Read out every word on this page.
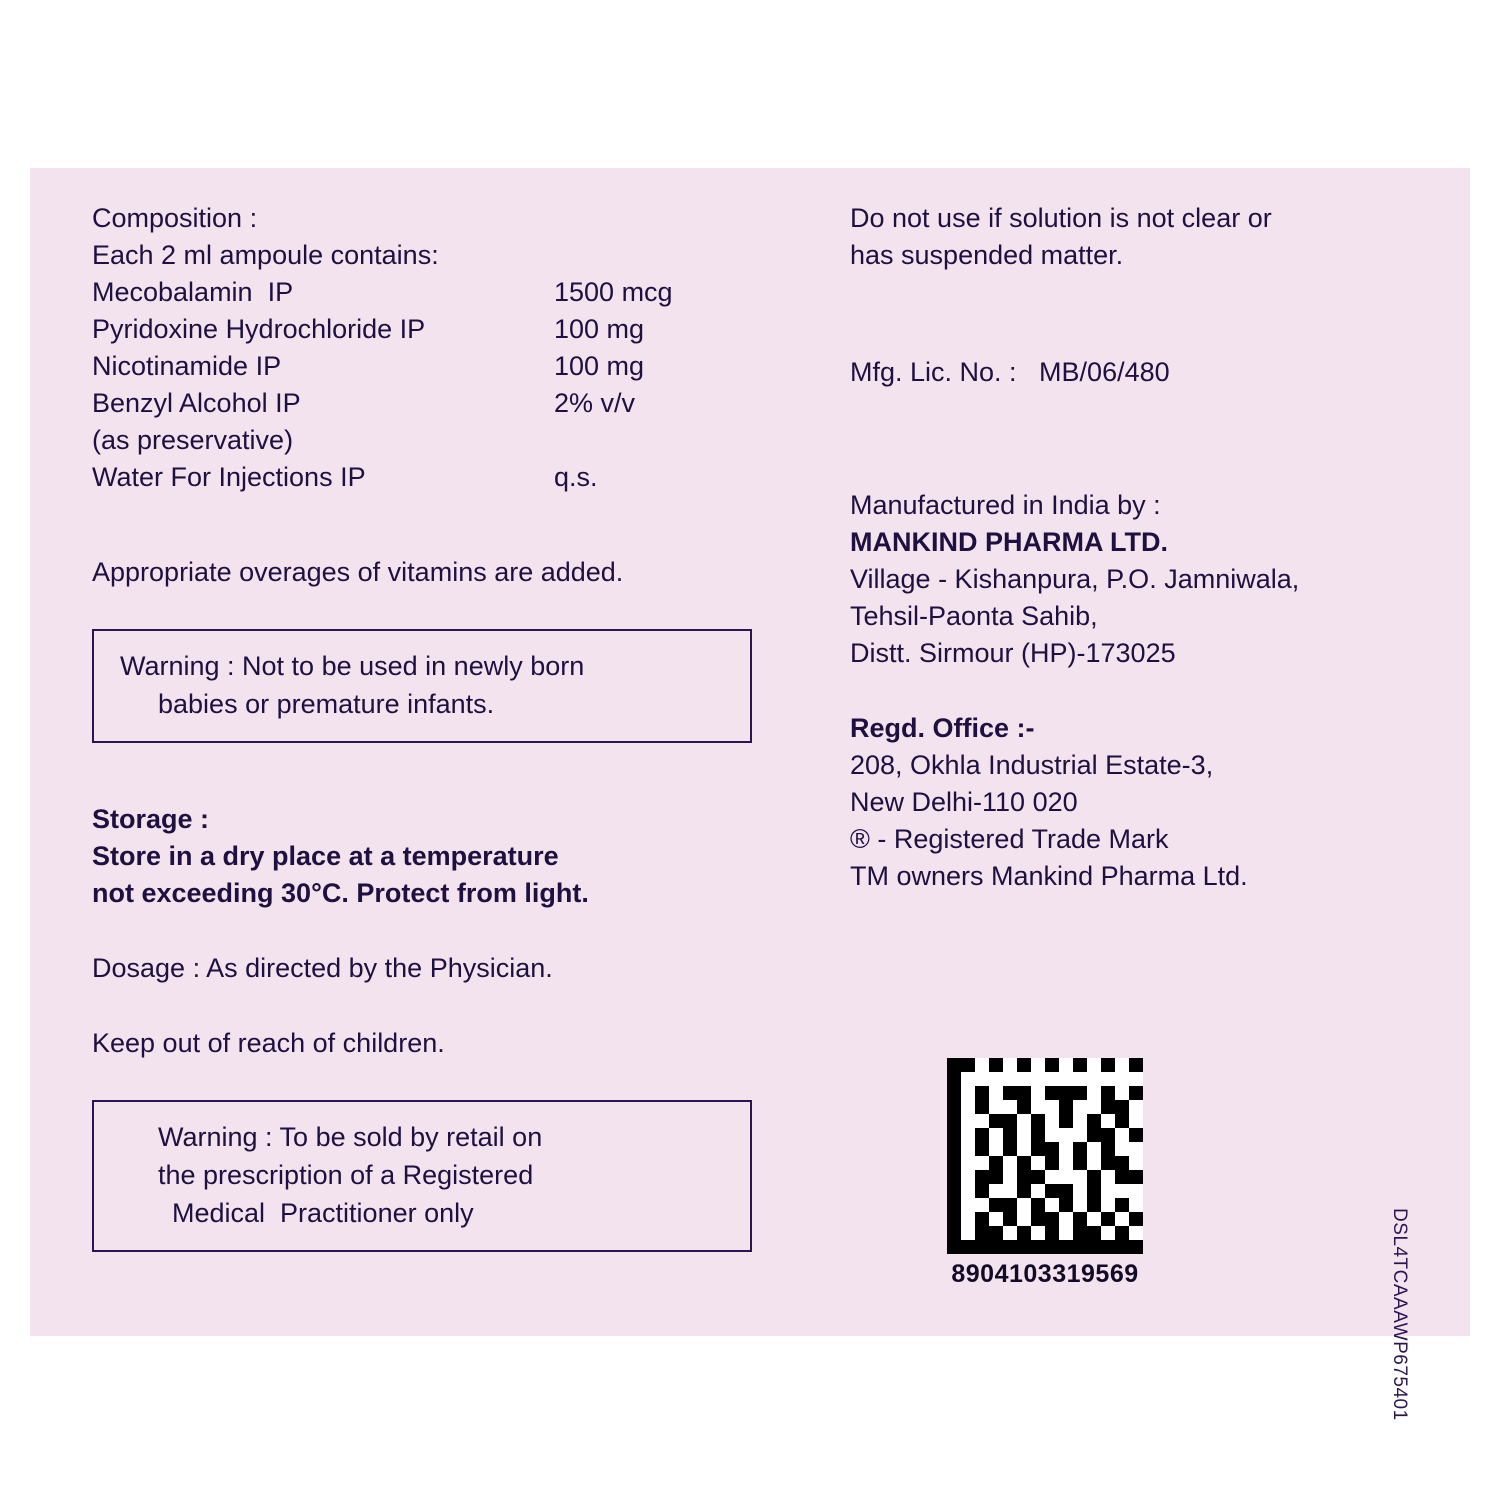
Composition :
Each 2 ml ampoule contains:
Mecobalamin  IP	1500 mcg
Pyridoxine Hydrochloride IP	100 mg
Nicotinamide IP	100 mg
Benzyl Alcohol IP	2% v/v
(as preservative)
Water For Injections IP	q.s.
Appropriate overages of vitamins are added.
Warning : Not to be used in newly born
babies or premature infants.
Storage :
Store in a dry place at a temperature
not exceeding 30°C. Protect from light.
Dosage : As directed by the Physician.
Keep out of reach of children.
Warning : To be sold by retail on
the prescription of a Registered
Medical  Practitioner only
Do not use if solution is not clear or
has suspended matter.
Mfg. Lic. No. :   MB/06/480
Manufactured in India by :
MANKIND PHARMA LTD.
Village - Kishanpura, P.O. Jamniwala,
Tehsil-Paonta Sahib,
Distt. Sirmour (HP)-173025
Regd. Office :-
208, Okhla Industrial Estate-3,
New Delhi-110 020
® - Registered Trade Mark
TM owners Mankind Pharma Ltd.
8904103319569	DSL4TCAAAWP675401
